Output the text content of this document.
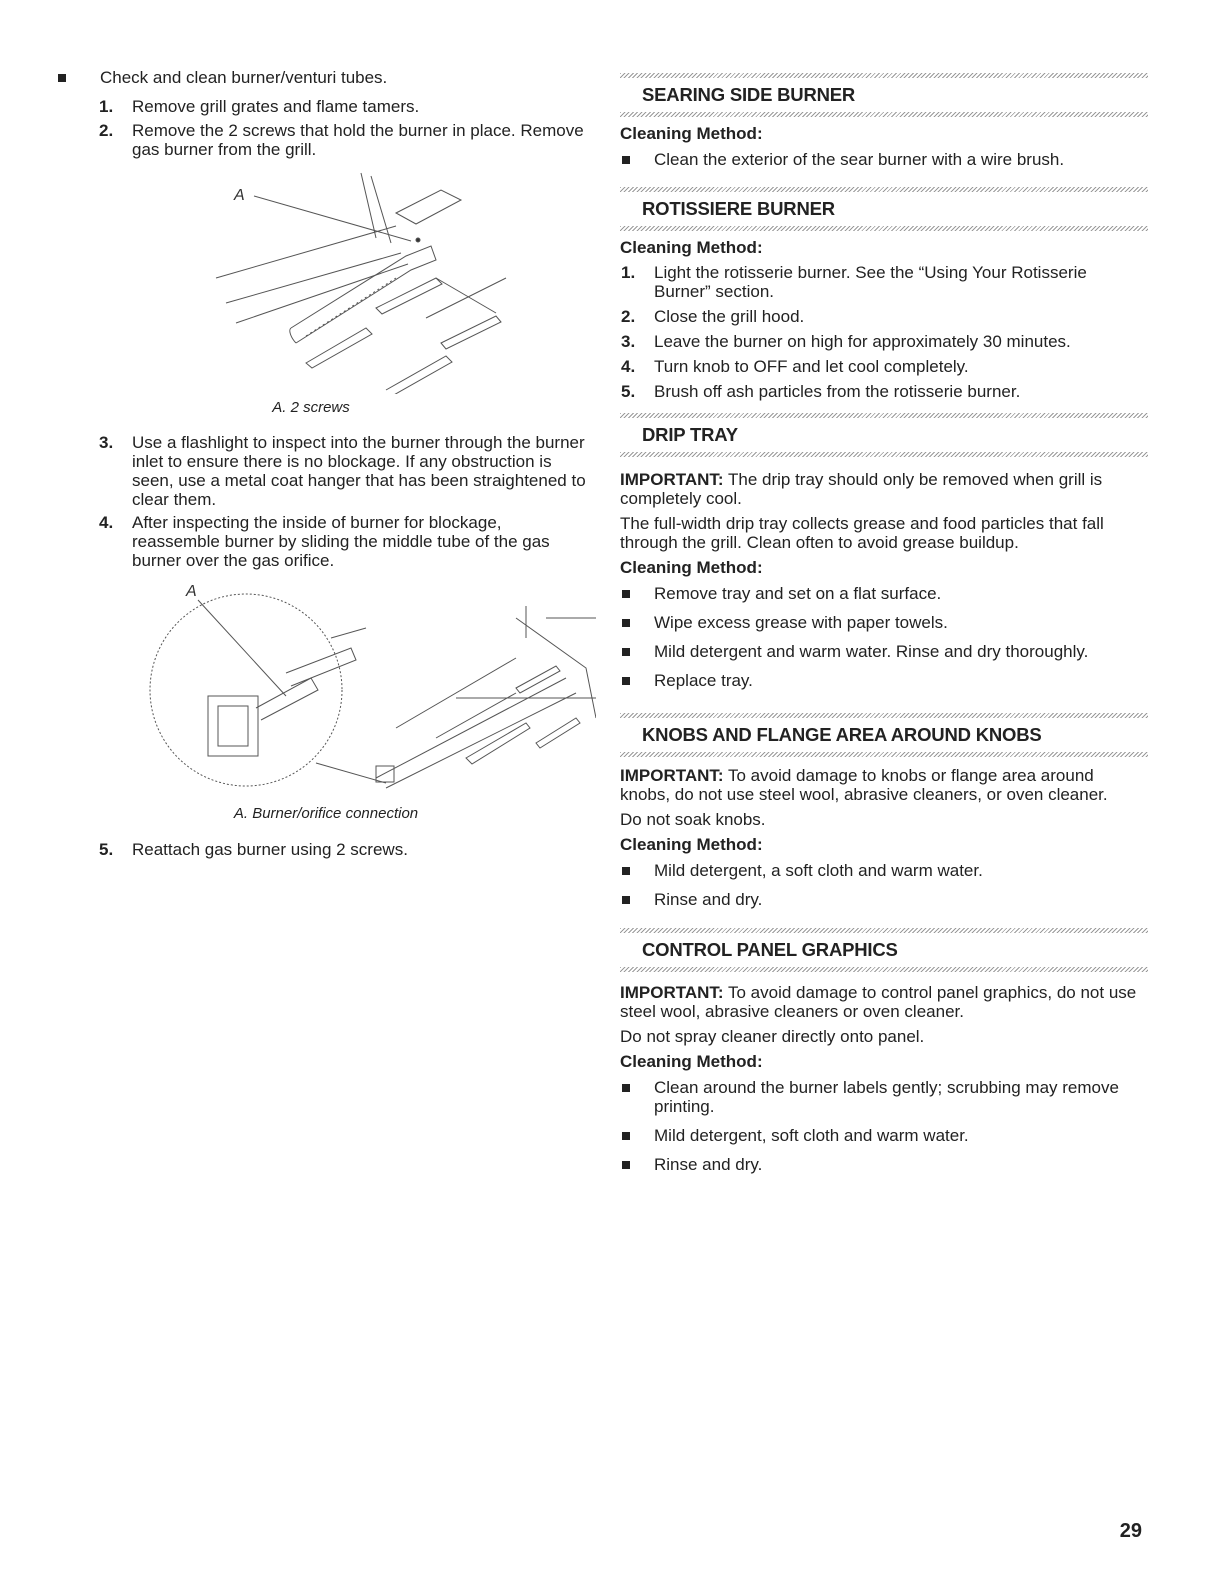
Check and clean burner/venturi tubes.

1. Remove grill grates and flame tamers.

2. Remove the 2 screws that hold the burner in place. Remove gas burner from the grill.

A

A. 2 screws

3. Use a flashlight to inspect into the burner through the burner inlet to ensure there is no blockage. If any obstruction is seen, use a metal coat hanger that has been straightened to clear them.

4. After inspecting the inside of burner for blockage, reassemble burner by sliding the middle tube of the gas burner over the gas orifice.

A

A. Burner/orifice connection

5. Reattach gas burner using 2 screws.

SEARING SIDE BURNER

Cleaning Method:

Clean the exterior of the sear burner with a wire brush.

ROTISSIERE BURNER

Cleaning Method:

1. Light the rotisserie burner. See the “Using Your Rotisserie Burner” section.

2. Close the grill hood.

3. Leave the burner on high for approximately 30 minutes.

4. Turn knob to OFF and let cool completely.

5. Brush off ash particles from the rotisserie burner.

DRIP TRAY

IMPORTANT: The drip tray should only be removed when grill is completely cool.

The full-width drip tray collects grease and food particles that fall through the grill. Clean often to avoid grease buildup.

Cleaning Method:

Remove tray and set on a flat surface.

Wipe excess grease with paper towels.

Mild detergent and warm water. Rinse and dry thoroughly.

Replace tray.

KNOBS AND FLANGE AREA AROUND KNOBS

IMPORTANT: To avoid damage to knobs or flange area around knobs, do not use steel wool, abrasive cleaners, or oven cleaner.

Do not soak knobs.

Cleaning Method:

Mild detergent, a soft cloth and warm water.

Rinse and dry.

CONTROL PANEL GRAPHICS

IMPORTANT: To avoid damage to control panel graphics, do not use steel wool, abrasive cleaners or oven cleaner.

Do not spray cleaner directly onto panel.

Cleaning Method:

Clean around the burner labels gently; scrubbing may remove printing.

Mild detergent, soft cloth and warm water.

Rinse and dry.

29
